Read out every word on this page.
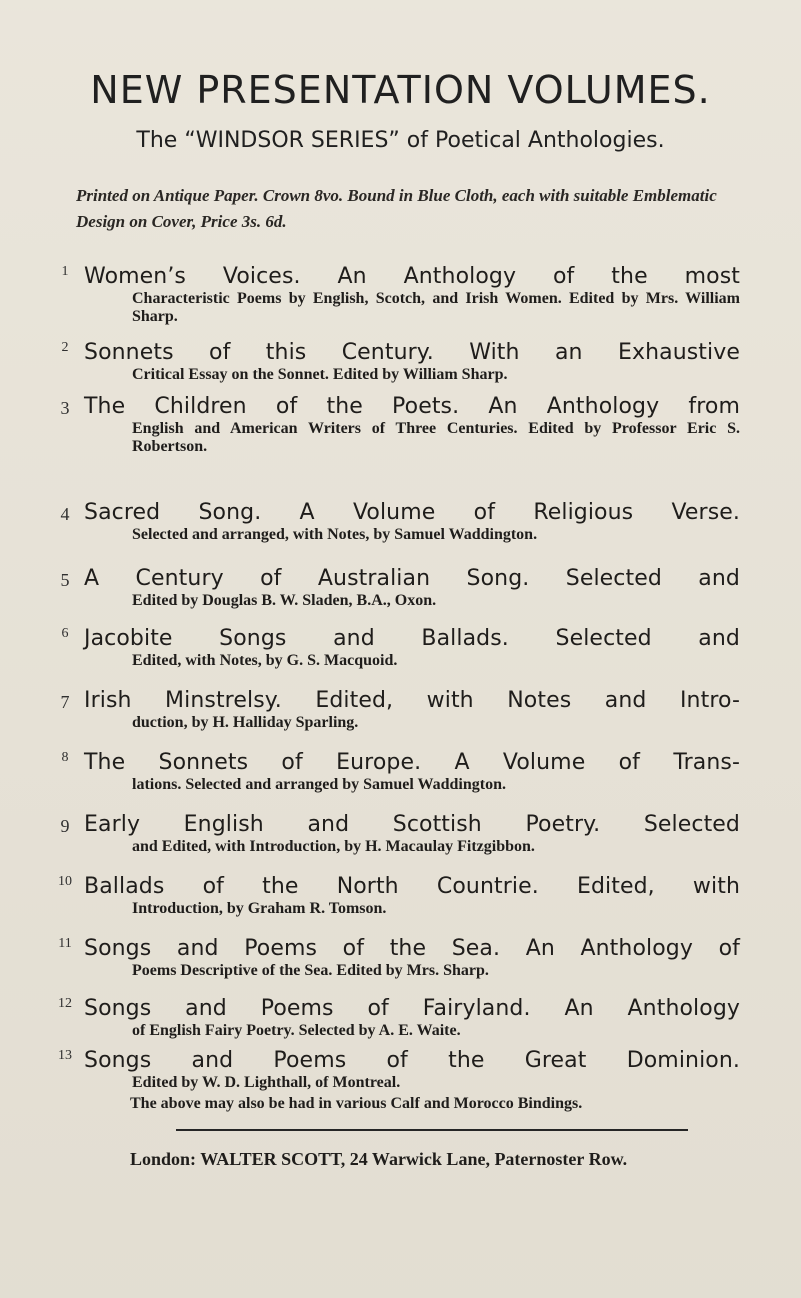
NEW PRESENTATION VOLUMES.
The “WINDSOR SERIES” of Poetical Anthologies.
Printed on Antique Paper. Crown 8vo. Bound in Blue Cloth, each with suitable Emblematic Design on Cover, Price 3s. 6d.
1 Women’s Voices. An Anthology of the most
Characteristic Poems by English, Scotch, and Irish Women. Edited by Mrs. William Sharp.
2 Sonnets of this Century. With an Exhaustive
Critical Essay on the Sonnet. Edited by William Sharp.
3 The Children of the Poets. An Anthology from
English and American Writers of Three Centuries. Edited by Professor Eric S. Robertson.
4 Sacred Song. A Volume of Religious Verse.
Selected and arranged, with Notes, by Samuel Waddington.
5 A Century of Australian Song. Selected and
Edited by Douglas B. W. Sladen, B.A., Oxon.
6 Jacobite Songs and Ballads. Selected and
Edited, with Notes, by G. S. Macquoid.
7 Irish Minstrelsy. Edited, with Notes and Intro-
duction, by H. Halliday Sparling.
8 The Sonnets of Europe. A Volume of Trans-
lations. Selected and arranged by Samuel Waddington.
9 Early English and Scottish Poetry. Selected
and Edited, with Introduction, by H. Macaulay Fitzgibbon.
10 Ballads of the North Countrie. Edited, with
Introduction, by Graham R. Tomson.
11 Songs and Poems of the Sea. An Anthology of
Poems Descriptive of the Sea. Edited by Mrs. Sharp.
12 Songs and Poems of Fairyland. An Anthology
of English Fairy Poetry. Selected by A. E. Waite.
13 Songs and Poems of the Great Dominion.
Edited by W. D. Lighthall, of Montreal.
The above may also be had in various Calf and Morocco Bindings.
London: WALTER SCOTT, 24 Warwick Lane, Paternoster Row.
